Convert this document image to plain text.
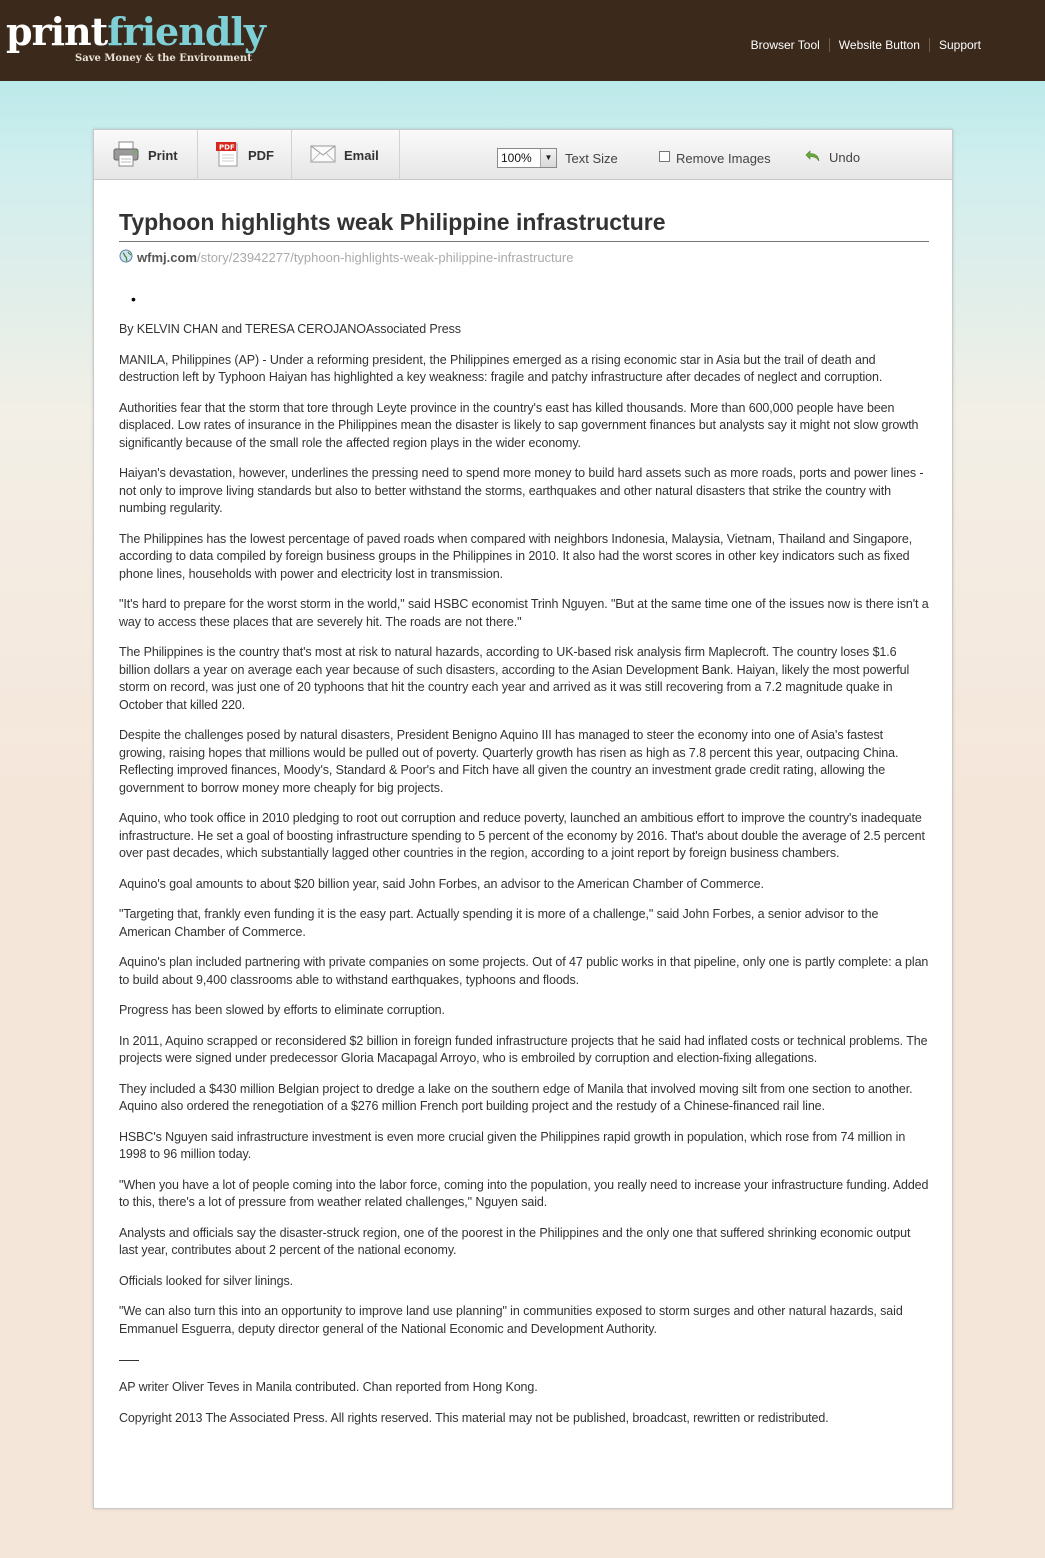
printfriendly
Save Money & the Environment
Browser Tool	Website Button	Support
Print
PDF
PDF	Email	100%	▼ Text Size	Remove Images	Undo
Typhoon highlights weak Philippine infrastructure
wfmj.com /story/23942277/typhoon-highlights-weak-philippine-infrastructure
•

By KELVIN CHAN and TERESA CEROJANOAssociated Press

MANILA, Philippines (AP) - Under a reforming president, the Philippines emerged as a rising economic star in Asia but the trail of death and destruction left by Typhoon Haiyan has highlighted a key weakness: fragile and patchy infrastructure after decades of neglect and corruption.

Authorities fear that the storm that tore through Leyte province in the country's east has killed thousands. More than 600,000 people have been displaced. Low rates of insurance in the Philippines mean the disaster is likely to sap government finances but analysts say it might not slow growth significantly because of the small role the affected region plays in the wider economy.

Haiyan's devastation, however, underlines the pressing need to spend more money to build hard assets such as more roads, ports and power lines - not only to improve living standards but also to better withstand the storms, earthquakes and other natural disasters that strike the country with numbing regularity.

The Philippines has the lowest percentage of paved roads when compared with neighbors Indonesia, Malaysia, Vietnam, Thailand and Singapore, according to data compiled by foreign business groups in the Philippines in 2010. It also had the worst scores in other key indicators such as fixed phone lines, households with power and electricity lost in transmission.

"It's hard to prepare for the worst storm in the world," said HSBC economist Trinh Nguyen. "But at the same time one of the issues now is there isn't a way to access these places that are severely hit. The roads are not there."

The Philippines is the country that's most at risk to natural hazards, according to UK-based risk analysis firm Maplecroft. The country loses $1.6 billion dollars a year on average each year because of such disasters, according to the Asian Development Bank. Haiyan, likely the most powerful storm on record, was just one of 20 typhoons that hit the country each year and arrived as it was still recovering from a 7.2 magnitude quake in October that killed 220.

Despite the challenges posed by natural disasters, President Benigno Aquino III has managed to steer the economy into one of Asia's fastest growing, raising hopes that millions would be pulled out of poverty. Quarterly growth has risen as high as 7.8 percent this year, outpacing China. Reflecting improved finances, Moody's, Standard & Poor's and Fitch have all given the country an investment grade credit rating, allowing the government to borrow money more cheaply for big projects.

Aquino, who took office in 2010 pledging to root out corruption and reduce poverty, launched an ambitious effort to improve the country's inadequate infrastructure. He set a goal of boosting infrastructure spending to 5 percent of the economy by 2016. That's about double the average of 2.5 percent over past decades, which substantially lagged other countries in the region, according to a joint report by foreign business chambers.

Aquino's goal amounts to about $20 billion year, said John Forbes, an advisor to the American Chamber of Commerce.

"Targeting that, frankly even funding it is the easy part. Actually spending it is more of a challenge," said John Forbes, a senior advisor to the American Chamber of Commerce.

Aquino's plan included partnering with private companies on some projects. Out of 47 public works in that pipeline, only one is partly complete: a plan to build about 9,400 classrooms able to withstand earthquakes, typhoons and floods.

Progress has been slowed by efforts to eliminate corruption.

In 2011, Aquino scrapped or reconsidered $2 billion in foreign funded infrastructure projects that he said had inflated costs or technical problems. The projects were signed under predecessor Gloria Macapagal Arroyo, who is embroiled by corruption and election-fixing allegations.

They included a $430 million Belgian project to dredge a lake on the southern edge of Manila that involved moving silt from one section to another. Aquino also ordered the renegotiation of a $276 million French port building project and the restudy of a Chinese-financed rail line.

HSBC's Nguyen said infrastructure investment is even more crucial given the Philippines rapid growth in population, which rose from 74 million in 1998 to 96 million today.

"When you have a lot of people coming into the labor force, coming into the population, you really need to increase your infrastructure funding. Added to this, there's a lot of pressure from weather related challenges," Nguyen said.

Analysts and officials say the disaster-struck region, one of the poorest in the Philippines and the only one that suffered shrinking economic output last year, contributes about 2 percent of the national economy.

Officials looked for silver linings.

"We can also turn this into an opportunity to improve land use planning" in communities exposed to storm surges and other natural hazards, said Emmanuel Esguerra, deputy director general of the National Economic and Development Authority.

AP writer Oliver Teves in Manila contributed. Chan reported from Hong Kong.

Copyright 2013 The Associated Press. All rights reserved. This material may not be published, broadcast, rewritten or redistributed.
